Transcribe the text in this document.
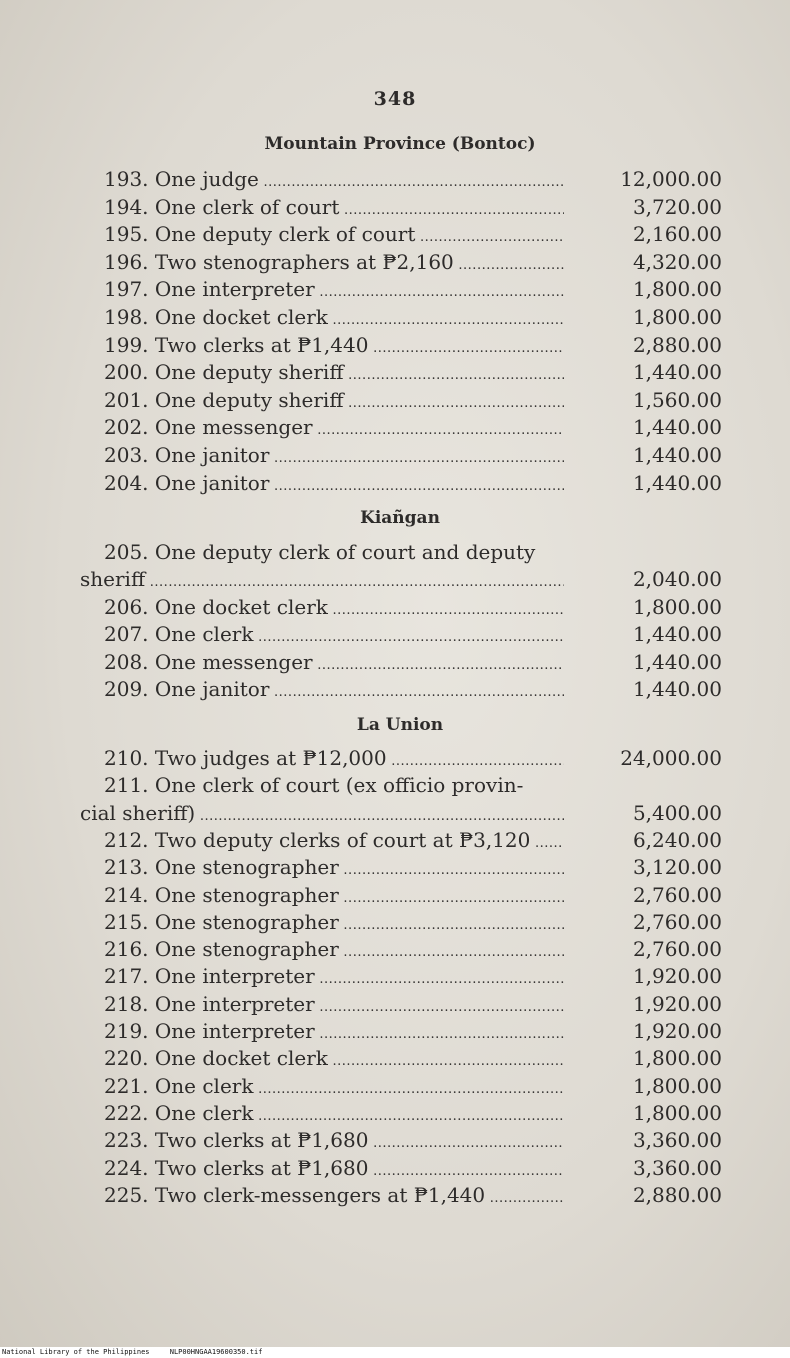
348
Mountain Province (Bontoc)
193. One judge .....	12,000.00
194. One clerk of court .....	3,720.00
195. One deputy clerk of court .....	2,160.00
196. Two stenographers at ₱2,160 .....	4,320.00
197. One interpreter .....	1,800.00
198. One docket clerk .....	1,800.00
199. Two clerks at ₱1,440 .....	2,880.00
200. One deputy sheriff .....	1,440.00
201. One deputy sheriff .....	1,560.00
202. One messenger .....	1,440.00
203. One janitor .....	1,440.00
204. One janitor .....	1,440.00
Kiañgan
205. One deputy clerk of court and deputy
sheriff .....	2,040.00
206. One docket clerk .....	1,800.00
207. One clerk .....	1,440.00
208. One messenger .....	1,440.00
209. One janitor .....	1,440.00
La Union
210. Two judges at ₱12,000 .....	24,000.00
211. One clerk of court (ex officio provin-
cial sheriff) .....	5,400.00
212. Two deputy clerks of court at ₱3,120 .....	6,240.00
213. One stenographer .....	3,120.00
214. One stenographer .....	2,760.00
215. One stenographer .....	2,760.00
216. One stenographer .....	2,760.00
217. One interpreter .....	1,920.00
218. One interpreter .....	1,920.00
219. One interpreter .....	1,920.00
220. One docket clerk .....	1,800.00
221. One clerk .....	1,800.00
222. One clerk .....	1,800.00
223. Two clerks at ₱1,680 .....	3,360.00
224. Two clerks at ₱1,680 .....	3,360.00
225. Two clerk-messengers at ₱1,440 .....	2,880.00
National Library of the Philippines	NLP00HNGAA19600350.tif
